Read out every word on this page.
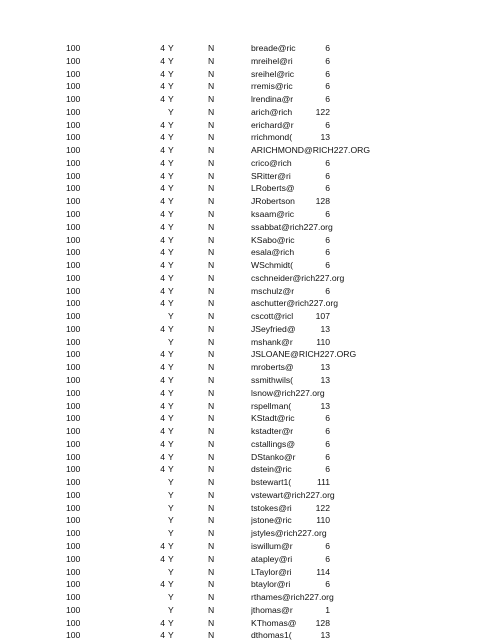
100	4 Y	N	breade@ric	6
100	4 Y	N	mreihel@ri	6
100	4 Y	N	sreihel@ric	6
100	4 Y	N	rremis@ric	6
100	4 Y	N	lrendina@r	6
100	Y	N	arich@rich	122
100	4 Y	N	erichard@r	6
100	4 Y	N	rrichmond(	13
100	4 Y	N	ARICHMOND@RICH227.ORG
100	4 Y	N	crico@rich	6
100	4 Y	N	SRitter@ri	6
100	4 Y	N	LRoberts@	6
100	4 Y	N	JRobertson	128
100	4 Y	N	ksaam@ric	6
100	4 Y	N	ssabbat@rich227.org
100	4 Y	N	KSabo@ric	6
100	4 Y	N	esala@rich	6
100	4 Y	N	WSchmidt(	6
100	4 Y	N	cschneider@rich227.org
100	4 Y	N	mschulz@r	6
100	4 Y	N	aschutter@rich227.org
100	Y	N	cscott@ricl	107
100	4 Y	N	JSeyfried@	13
100	Y	N	mshank@r	110
100	4 Y	N	JSLOANE@RICH227.ORG
100	4 Y	N	mroberts@	13
100	4 Y	N	ssmithwils(	13
100	4 Y	N	lsnow@rich227.org
100	4 Y	N	rspellman(	13
100	4 Y	N	KStadt@ric	6
100	4 Y	N	kstadter@r	6
100	4 Y	N	cstallings@	6
100	4 Y	N	DStanko@r	6
100	4 Y	N	dstein@ric	6
100	Y	N	bstewart1(	111
100	Y	N	vstewart@rich227.org
100	Y	N	tstokes@ri	122
100	Y	N	jstone@ric	110
100	Y	N	jstyles@rich227.org
100	4 Y	N	iswillum@r	6
100	4 Y	N	atapley@ri	6
100	Y	N	LTaylor@ri	114
100	4 Y	N	btaylor@ri	6
100	Y	N	rthames@rich227.org
100	Y	N	jthomas@r	1
100	4 Y	N	KThomas@	128
100	4 Y	N	dthomas1(	13
